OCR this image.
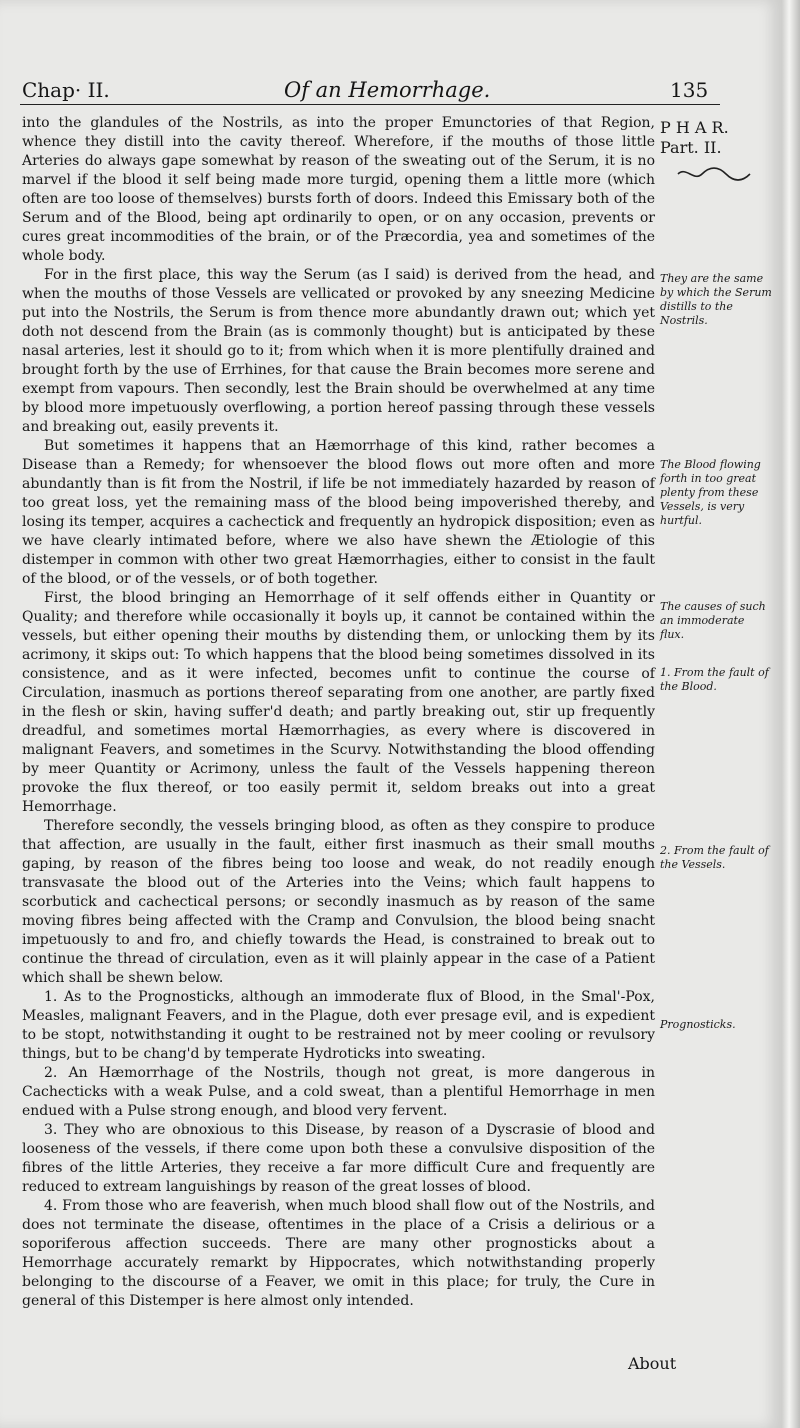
Chap· II.	Of an Hemorrhage.	135
P H A R.
Part. II.

into the glandules of the Nostrils, as into the proper Emunctories of that Region, whence they distill into the cavity thereof. Wherefore, if the mouths of those little Arteries do always gape somewhat by reason of the sweating out of the Serum, it is no marvel if the blood it self being made more turgid, opening them a little more (which often are too loose of themselves) bursts forth of doors. Indeed this Emissary both of the Serum and of the Blood, being apt ordinarily to open, or on any occasion, prevents or cures great incommodities of the brain, or of the Præcordia, yea and sometimes of the whole body.

For in the first place, this way the Serum (as I said) is derived from the head, and when the mouths of those Vessels are vellicated or provoked by any sneezing Medicine put into the Nostrils, the Serum is from thence more abundantly drawn out; which yet doth not descend from the Brain (as is commonly thought) but is anticipated by these nasal arteries, lest it should go to it; from which when it is more plentifully drained and brought forth by the use of Errhines, for that cause the Brain becomes more serene and exempt from vapours. Then secondly, lest the Brain should be overwhelmed at any time by blood more impetuously overflowing, a portion hereof passing through these vessels and breaking out, easily prevents it.

But sometimes it happens that an Hæmorrhage of this kind, rather becomes a Disease than a Remedy; for whensoever the blood flows out more often and more abundantly than is fit from the Nostril, if life be not immediately hazarded by reason of too great loss, yet the remaining mass of the blood being impoverished thereby, and losing its temper, acquires a cachectick and frequently an hydropick disposition; even as we have clearly intimated before, where we also have shewn the Ætiologie of this distemper in common with other two great Hæmorrhagies, either to consist in the fault of the blood, or of the vessels, or of both together.

First, the blood bringing an Hemorrhage of it self offends either in Quantity or Quality; and therefore while occasionally it boyls up, it cannot be contained within the vessels, but either opening their mouths by distending them, or unlocking them by its acrimony, it skips out: To which happens that the blood being sometimes dissolved in its consistence, and as it were infected, becomes unfit to continue the course of Circulation, inasmuch as portions thereof separating from one another, are partly fixed in the flesh or skin, having suffer'd death; and partly breaking out, stir up frequently dreadful, and sometimes mortal Hæmorrhagies, as every where is discovered in malignant Feavers, and sometimes in the Scurvy. Notwithstanding the blood offending by meer Quantity or Acrimony, unless the fault of the Vessels happening thereon provoke the flux thereof, or too easily permit it, seldom breaks out into a great Hemorrhage.

Therefore secondly, the vessels bringing blood, as often as they conspire to produce that affection, are usually in the fault, either first inasmuch as their small mouths gaping, by reason of the fibres being too loose and weak, do not readily enough transvasate the blood out of the Arteries into the Veins; which fault happens to scorbutick and cachectical persons; or secondly inasmuch as by reason of the same moving fibres being affected with the Cramp and Convulsion, the blood being snacht impetuously to and fro, and chiefly towards the Head, is constrained to break out to continue the thread of circulation, even as it will plainly appear in the case of a Patient which shall be shewn below.

1. As to the Prognosticks, although an immoderate flux of Blood, in the Smal'-Pox, Measles, malignant Feavers, and in the Plague, doth ever presage evil, and is expedient to be stopt, notwithstanding it ought to be restrained not by meer cooling or revulsory things, but to be chang'd by temperate Hydroticks into sweating.

2. An Hæmorrhage of the Nostrils, though not great, is more dangerous in Cachecticks with a weak Pulse, and a cold sweat, than a plentiful Hemorrhage in men endued with a Pulse strong enough, and blood very fervent.

3. They who are obnoxious to this Disease, by reason of a Dyscrasie of blood and looseness of the vessels, if there come upon both these a convulsive disposition of the fibres of the little Arteries, they receive a far more difficult Cure and frequently are reduced to extream languishings by reason of the great losses of blood.

4. From those who are feaverish, when much blood shall flow out of the Nostrils, and does not terminate the disease, oftentimes in the place of a Crisis a delirious or a soporiferous affection succeeds. There are many other prognosticks about a Hemorrhage accurately remarkt by Hippocrates, which notwithstanding properly belonging to the discourse of a Feaver, we omit in this place; for truly, the Cure in general of this Distemper is here almost only intended.

They are the same by which the Serum distills to the Nostrils.
The Blood flowing forth in too great plenty from these Vessels, is very hurtful.
The causes of such an immoderate flux.
1. From the fault of the Blood.
2. From the fault of the Vessels.
Prognosticks.
About
